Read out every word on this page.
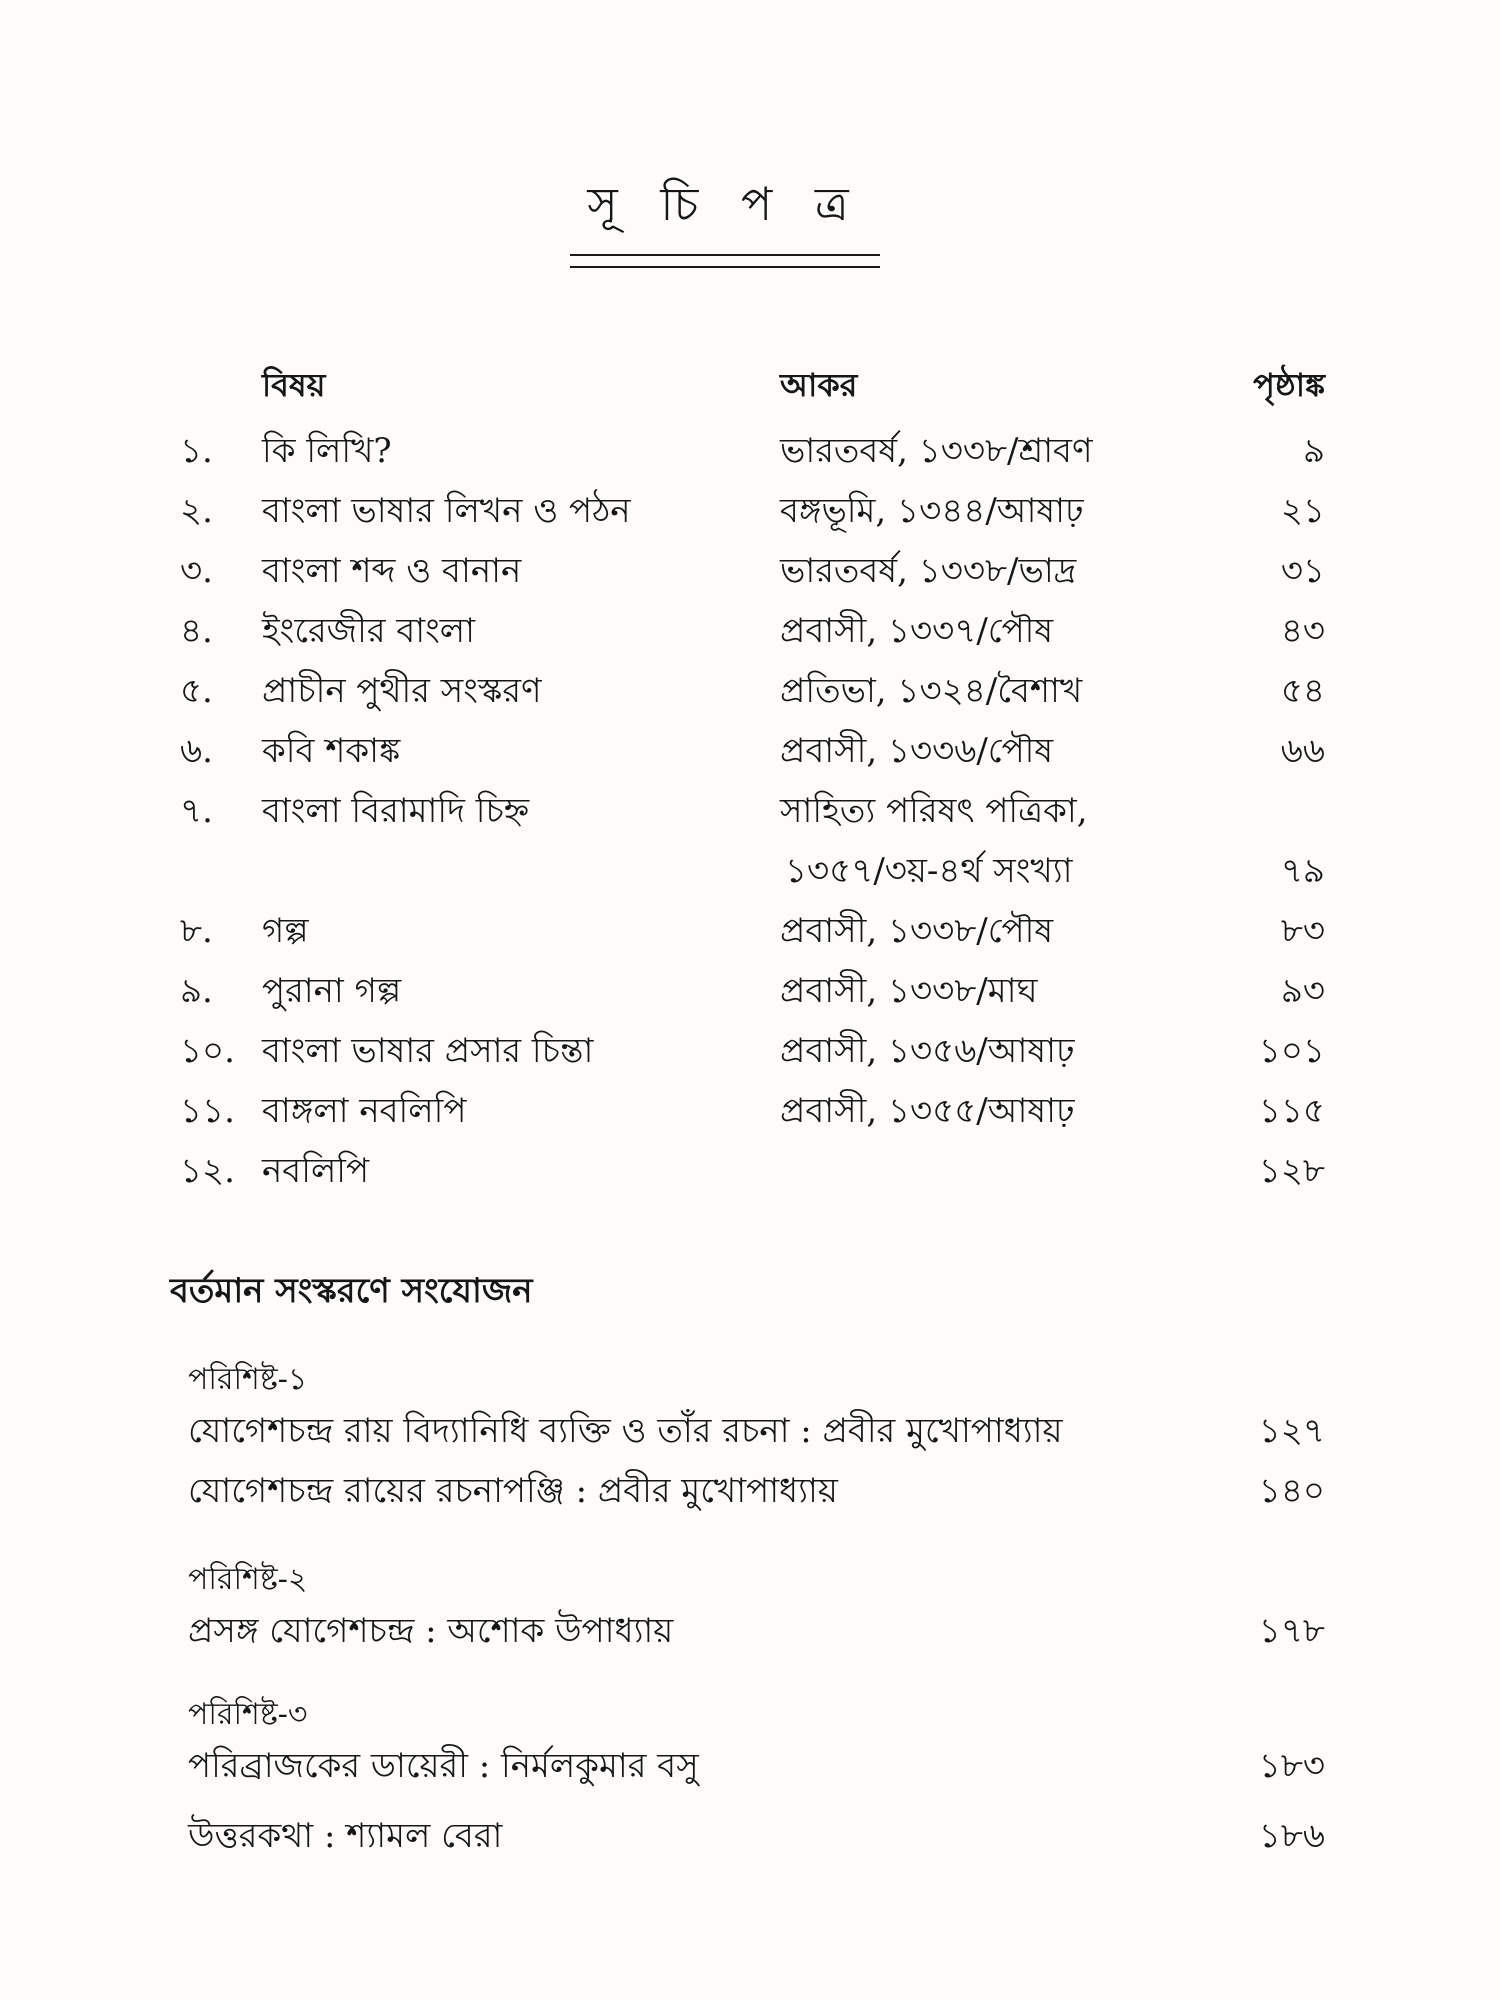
সূ চি প ত্র
বিষয়	আকর	পৃষ্ঠাঙ্ক
১. কি লিখি?	ভারতবর্ষ, ১৩৩৮/শ্রাবণ	৯
২. বাংলা ভাষার লিখন ও পঠন	বঙ্গভূমি, ১৩৪৪/আষাঢ়	২১
৩. বাংলা শব্দ ও বানান	ভারতবর্ষ, ১৩৩৮/ভাদ্র	৩১
৪. ইংরেজীর বাংলা	প্রবাসী, ১৩৩৭/পৌষ	৪৩
৫. প্রাচীন পুথীর সংস্করণ	প্রতিভা, ১৩২৪/বৈশাখ	৫৪
৬. কবি শকাঙ্ক	প্রবাসী, ১৩৩৬/পৌষ	৬৬
৭. বাংলা বিরামাদি চিহ্ন	সাহিত্য পরিষৎ পত্রিকা,
১৩৫৭/৩য়-৪র্থ সংখ্যা	৭৯
৮. গল্প	প্রবাসী, ১৩৩৮/পৌষ	৮৩
৯. পুরানা গল্প	প্রবাসী, ১৩৩৮/মাঘ	৯৩
১০. বাংলা ভাষার প্রসার চিন্তা	প্রবাসী, ১৩৫৬/আষাঢ়	১০১
১১. বাঙ্গলা নবলিপি	প্রবাসী, ১৩৫৫/আষাঢ়	১১৫
১২. নবলিপি	১২৮
বর্তমান সংস্করণে সংযোজন
পরিশিষ্ট-১
যোগেশচন্দ্র রায় বিদ্যানিধি ব্যক্তি ও তাঁর রচনা : প্রবীর মুখোপাধ্যায়	১২৭
যোগেশচন্দ্র রায়ের রচনাপঞ্জি : প্রবীর মুখোপাধ্যায়	১৪০
পরিশিষ্ট-২
প্রসঙ্গ যোগেশচন্দ্র : অশোক উপাধ্যায়	১৭৮
পরিশিষ্ট-৩
পরিব্রাজকের ডায়েরী : নির্মলকুমার বসু	১৮৩
উত্তরকথা : শ্যামল বেরা	১৮৬
